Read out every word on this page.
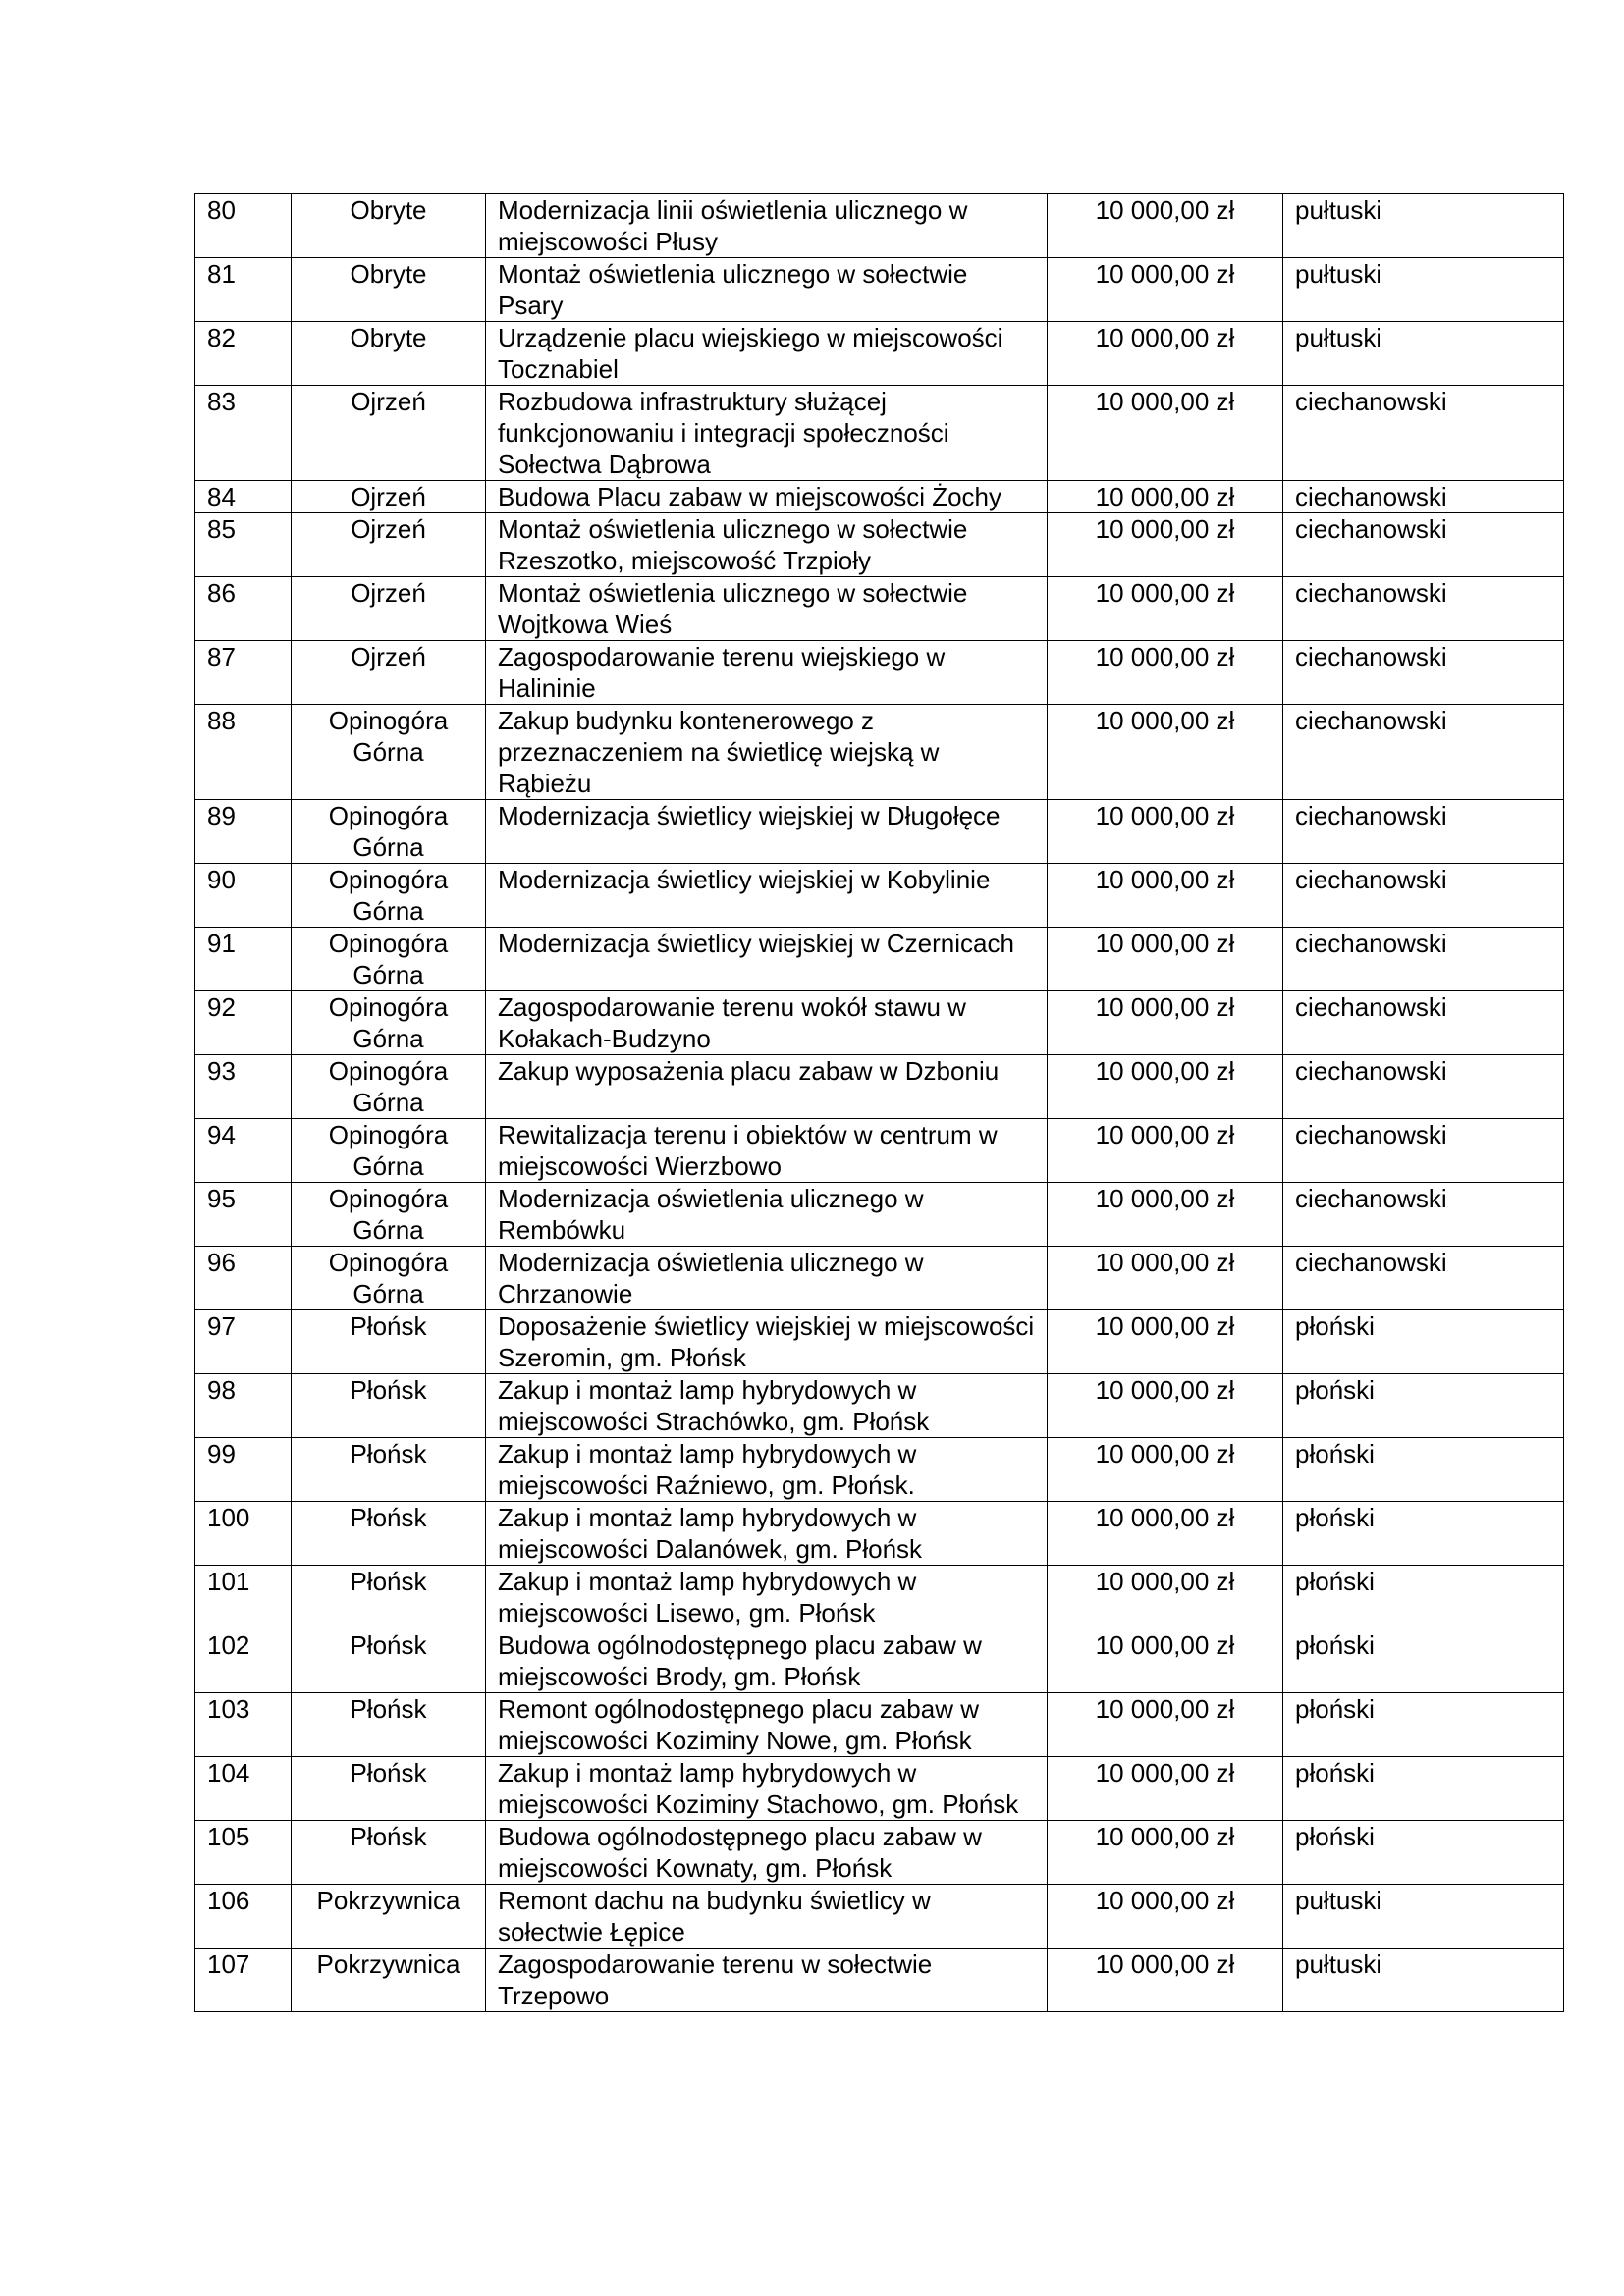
80	Obryte	Modernizacja linii oświetlenia ulicznego w miejscowości Płusy	10 000,00 zł	pułtuski
81	Obryte	Montaż oświetlenia ulicznego w sołectwie Psary	10 000,00 zł	pułtuski
82	Obryte	Urządzenie placu wiejskiego w miejscowości Tocznabiel	10 000,00 zł	pułtuski
83	Ojrzeń	Rozbudowa infrastruktury służącej funkcjonowaniu i integracji społeczności Sołectwa Dąbrowa	10 000,00 zł	ciechanowski
84	Ojrzeń	Budowa Placu zabaw w miejscowości Żochy	10 000,00 zł	ciechanowski
85	Ojrzeń	Montaż oświetlenia ulicznego w sołectwie Rzeszotko, miejscowość Trzpioły	10 000,00 zł	ciechanowski
86	Ojrzeń	Montaż oświetlenia ulicznego w sołectwie Wojtkowa Wieś	10 000,00 zł	ciechanowski
87	Ojrzeń	Zagospodarowanie terenu wiejskiego w Halininie	10 000,00 zł	ciechanowski
88	Opinogóra Górna	Zakup budynku kontenerowego z przeznaczeniem na świetlicę wiejską w Rąbieżu	10 000,00 zł	ciechanowski
89	Opinogóra Górna	Modernizacja świetlicy wiejskiej w Długołęce	10 000,00 zł	ciechanowski
90	Opinogóra Górna	Modernizacja świetlicy wiejskiej w Kobylinie	10 000,00 zł	ciechanowski
91	Opinogóra Górna	Modernizacja świetlicy wiejskiej w Czernicach	10 000,00 zł	ciechanowski
92	Opinogóra Górna	Zagospodarowanie terenu wokół stawu w Kołakach-Budzyno	10 000,00 zł	ciechanowski
93	Opinogóra Górna	Zakup wyposażenia placu zabaw w Dzboniu	10 000,00 zł	ciechanowski
94	Opinogóra Górna	Rewitalizacja terenu i obiektów w centrum w miejscowości Wierzbowo	10 000,00 zł	ciechanowski
95	Opinogóra Górna	Modernizacja oświetlenia ulicznego w Rembówku	10 000,00 zł	ciechanowski
96	Opinogóra Górna	Modernizacja oświetlenia ulicznego w Chrzanowie	10 000,00 zł	ciechanowski
97	Płońsk	Doposażenie świetlicy wiejskiej w miejscowości Szeromin, gm. Płońsk	10 000,00 zł	płoński
98	Płońsk	Zakup i montaż lamp hybrydowych w miejscowości Strachówko, gm. Płońsk	10 000,00 zł	płoński
99	Płońsk	Zakup i montaż lamp hybrydowych w miejscowości Raźniewo, gm. Płońsk.	10 000,00 zł	płoński
100	Płońsk	Zakup i montaż lamp hybrydowych w miejscowości Dalanówek, gm. Płońsk	10 000,00 zł	płoński
101	Płońsk	Zakup i montaż lamp hybrydowych w miejscowości Lisewo, gm. Płońsk	10 000,00 zł	płoński
102	Płońsk	Budowa ogólnodostępnego placu zabaw w miejscowości Brody, gm. Płońsk	10 000,00 zł	płoński
103	Płońsk	Remont ogólnodostępnego placu zabaw w miejscowości Koziminy Nowe, gm. Płońsk	10 000,00 zł	płoński
104	Płońsk	Zakup i montaż lamp hybrydowych w miejscowości Koziminy Stachowo, gm. Płońsk	10 000,00 zł	płoński
105	Płońsk	Budowa ogólnodostępnego placu zabaw w miejscowości Kownaty, gm. Płońsk	10 000,00 zł	płoński
106	Pokrzywnica	Remont dachu na budynku świetlicy w sołectwie Łępice	10 000,00 zł	pułtuski
107	Pokrzywnica	Zagospodarowanie terenu w sołectwie Trzepowo	10 000,00 zł	pułtuski
